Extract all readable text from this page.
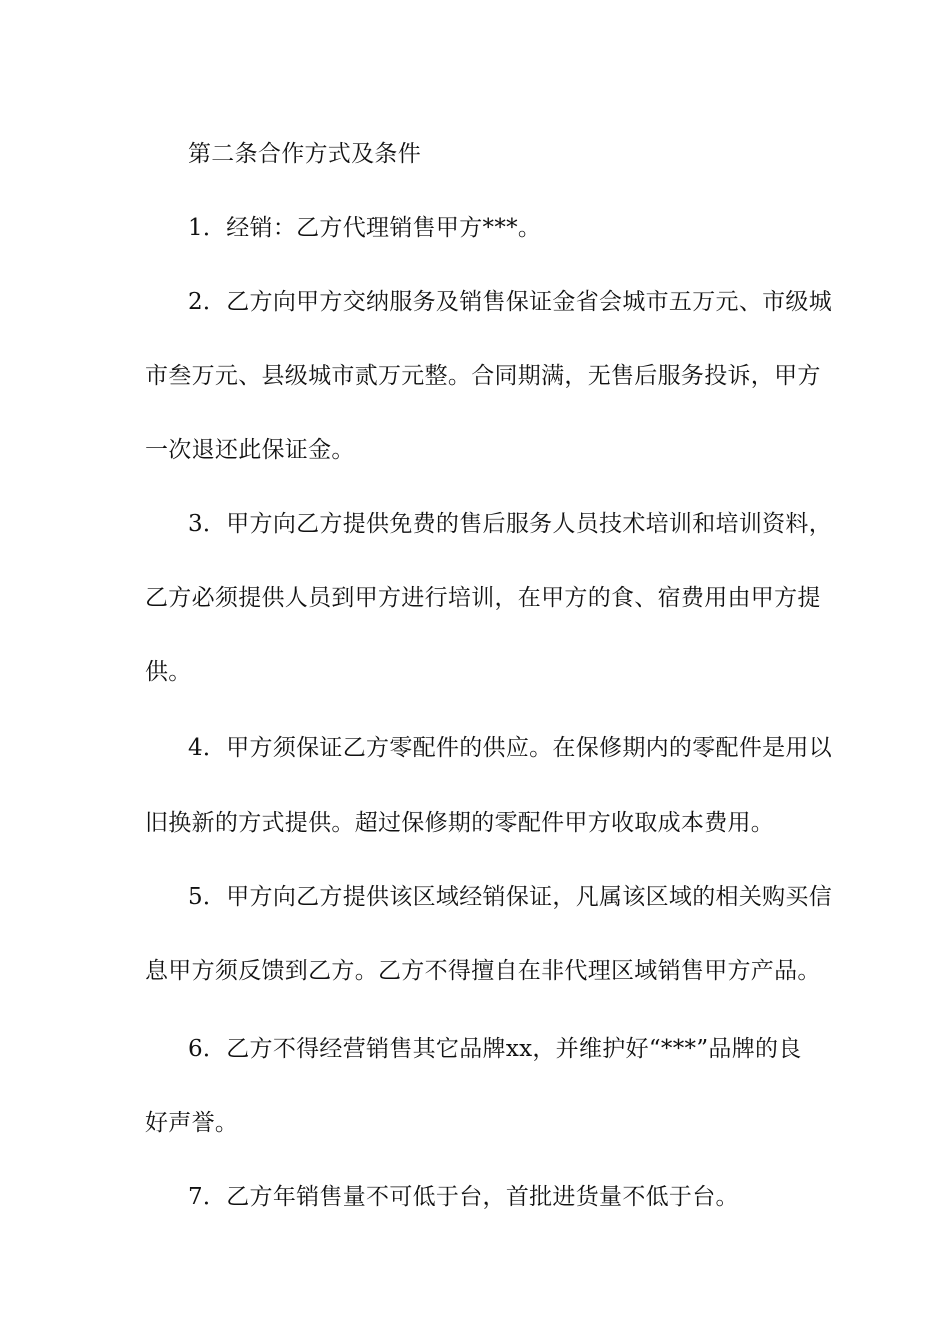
第二条合作方式及条件

1．经销：乙方代理销售甲方***。

2．乙方向甲方交纳服务及销售保证金省会城市五万元、市级城

市叁万元、县级城市贰万元整。合同期满，无售后服务投诉，甲方

一次退还此保证金。

3．甲方向乙方提供免费的售后服务人员技术培训和培训资料，

乙方必须提供人员到甲方进行培训，在甲方的食、宿费用由甲方提

供。

4．甲方须保证乙方零配件的供应。在保修期内的零配件是用以

旧换新的方式提供。超过保修期的零配件甲方收取成本费用。

5．甲方向乙方提供该区域经销保证，凡属该区域的相关购买信

息甲方须反馈到乙方。乙方不得擅自在非代理区域销售甲方产品。

6．乙方不得经营销售其它品牌xx，并维护好“***”品牌的良

好声誉。

7．乙方年销售量不可低于台，首批进货量不低于台。
